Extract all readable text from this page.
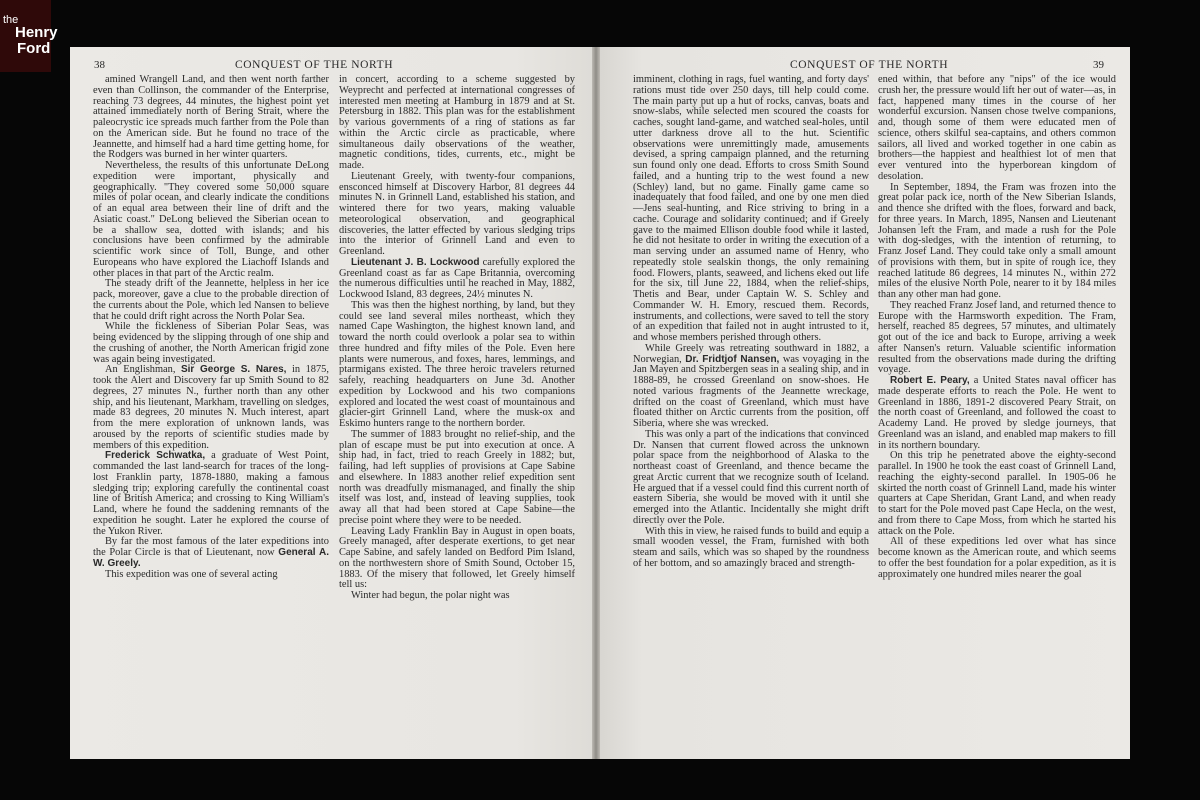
the
Henry
Ford
38	CONQUEST OF THE NORTH

amined Wrangell Land, and then went north farther even than Collinson, the commander of the Enterprise, reaching 73 degrees, 44 minutes, the highest point yet attained immediately north of Bering Strait, where the paleocrystic ice spreads much farther from the Pole than on the American side. But he found no trace of the Jeannette, and himself had a hard time getting home, for the Rodgers was burned in her winter quarters.

Nevertheless, the results of this unfortunate DeLong expedition were important, physically and geographically. "They covered some 50,000 square miles of polar ocean, and clearly indicate the conditions of an equal area between their line of drift and the Asiatic coast." DeLong believed the Siberian ocean to be a shallow sea, dotted with islands; and his conclusions have been confirmed by the admirable scientific work since of Toll, Bunge, and other Europeans who have explored the Liachoff Islands and other places in that part of the Arctic realm.

The steady drift of the Jeannette, helpless in her ice pack, moreover, gave a clue to the probable direction of the currents about the Pole, which led Nansen to believe that he could drift right across the North Polar Sea.

While the fickleness of Siberian Polar Seas, was being evidenced by the slipping through of one ship and the crushing of another, the North American frigid zone was again being investigated.

An Englishman, Sir George S. Nares, in 1875, took the Alert and Discovery far up Smith Sound to 82 degrees, 27 minutes N., further north than any other ship, and his lieutenant, Markham, travelling on sledges, made 83 degrees, 20 minutes N. Much interest, apart from the mere exploration of unknown lands, was aroused by the reports of scientific studies made by members of this expedition.

Frederick Schwatka, a graduate of West Point, commanded the last land-search for traces of the long-lost Franklin party, 1878-1880, making a famous sledging trip; exploring carefully the continental coast line of British America; and crossing to King William's Land, where he found the saddening remnants of the expedition he sought. Later he explored the course of the Yukon River.

By far the most famous of the later expeditions into the Polar Circle is that of Lieutenant, now General A. W. Greely.

This expedition was one of several acting

in concert, according to a scheme suggested by Weyprecht and perfected at international congresses of interested men meeting at Hamburg in 1879 and at St. Petersburg in 1882. This plan was for the establishment by various governments of a ring of stations as far within the Arctic circle as practicable, where simultaneous daily observations of the weather, magnetic conditions, tides, currents, etc., might be made.

Lieutenant Greely, with twenty-four companions, ensconced himself at Discovery Harbor, 81 degrees 44 minutes N. in Grinnell Land, established his station, and wintered there for two years, making valuable meteorological observation, and geographical discoveries, the latter effected by various sledging trips into the interior of Grinnell Land and even to Greenland.

Lieutenant J. B. Lockwood carefully explored the Greenland coast as far as Cape Britannia, overcoming the numerous difficulties until he reached in May, 1882, Lockwood Island, 83 degrees, 24½ minutes N.

This was then the highest northing, by land, but they could see land several miles northeast, which they named Cape Washington, the highest known land, and toward the north could overlook a polar sea to within three hundred and fifty miles of the Pole. Even here plants were numerous, and foxes, hares, lemmings, and ptarmigans existed. The three heroic travelers returned safely, reaching headquarters on June 3d. Another expedition by Lockwood and his two companions explored and located the west coast of mountainous and glacier-girt Grinnell Land, where the musk-ox and Eskimo hunters range to the northern border.

The summer of 1883 brought no relief-ship, and the plan of escape must be put into execution at once. A ship had, in fact, tried to reach Greely in 1882; but, failing, had left supplies of provisions at Cape Sabine and elsewhere. In 1883 another relief expedition sent north was dreadfully mismanaged, and finally the ship itself was lost, and, instead of leaving supplies, took away all that had been stored at Cape Sabine—the precise point where they were to be needed.

Leaving Lady Franklin Bay in August in open boats, Greely managed, after desperate exertions, to get near Cape Sabine, and safely landed on Bedford Pim Island, on the northwestern shore of Smith Sound, October 15, 1883. Of the misery that followed, let Greely himself tell us:

Winter had begun, the polar night was

CONQUEST OF THE NORTH	39

imminent, clothing in rags, fuel wanting, and forty days' rations must tide over 250 days, till help could come. The main party put up a hut of rocks, canvas, boats and snow-slabs, while selected men scoured the coasts for caches, sought land-game, and watched seal-holes, until utter darkness drove all to the hut. Scientific observations were unremittingly made, amusements devised, a spring campaign planned, and the returning sun found only one dead. Efforts to cross Smith Sound failed, and a hunting trip to the west found a new (Schley) land, but no game. Finally game came so inadequately that food failed, and one by one men died—Jens seal-hunting, and Rice striving to bring in a cache. Courage and solidarity continued; and if Greely gave to the maimed Ellison double food while it lasted, he did not hesitate to order in writing the execution of a man serving under an assumed name of Henry, who repeatedly stole sealskin thongs, the only remaining food. Flowers, plants, seaweed, and lichens eked out life for the six, till June 22, 1884, when the relief-ships, Thetis and Bear, under Captain W. S. Schley and Commander W. H. Emory, rescued them. Records, instruments, and collections, were saved to tell the story of an expedition that failed not in aught intrusted to it, and whose members perished through others.

While Greely was retreating southward in 1882, a Norwegian, Dr. Fridtjof Nansen, was voyaging in the Jan Mayen and Spitzbergen seas in a sealing ship, and in 1888-89, he crossed Greenland on snow-shoes. He noted various fragments of the Jeannette wreckage, drifted on the coast of Greenland, which must have floated thither on Arctic currents from the position, off Siberia, where she was wrecked.

This was only a part of the indications that convinced Dr. Nansen that current flowed across the unknown polar space from the neighborhood of Alaska to the northeast coast of Greenland, and thence became the great Arctic current that we recognize south of Iceland. He argued that if a vessel could find this current north of eastern Siberia, she would be moved with it until she emerged into the Atlantic. Incidentally she might drift directly over the Pole.

With this in view, he raised funds to build and equip a small wooden vessel, the Fram, furnished with both steam and sails, which was so shaped by the roundness of her bottom, and so amazingly braced and strength-

ened within, that before any "nips" of the ice would crush her, the pressure would lift her out of water—as, in fact, happened many times in the course of her wonderful excursion. Nansen chose twelve companions, and, though some of them were educated men of science, others skilful sea-captains, and others common sailors, all lived and worked together in one cabin as brothers—the happiest and healthiest lot of men that ever ventured into the hyperborean kingdom of desolation.

In September, 1894, the Fram was frozen into the great polar pack ice, north of the New Siberian Islands, and thence she drifted with the floes, forward and back, for three years. In March, 1895, Nansen and Lieutenant Johansen left the Fram, and made a rush for the Pole with dog-sledges, with the intention of returning, to Franz Josef Land. They could take only a small amount of provisions with them, but in spite of rough ice, they reached latitude 86 degrees, 14 minutes N., within 272 miles of the elusive North Pole, nearer to it by 184 miles than any other man had gone.

They reached Franz Josef land, and returned thence to Europe with the Harmsworth expedition. The Fram, herself, reached 85 degrees, 57 minutes, and ultimately got out of the ice and back to Europe, arriving a week after Nansen's return. Valuable scientific information resulted from the observations made during the drifting voyage.

Robert E. Peary, a United States naval officer has made desperate efforts to reach the Pole. He went to Greenland in 1886, 1891-2 discovered Peary Strait, on the north coast of Greenland, and followed the coast to Academy Land. He proved by sledge journeys, that Greenland was an island, and enabled map makers to fill in its northern boundary.

On this trip he penetrated above the eighty-second parallel. In 1900 he took the east coast of Grinnell Land, reaching the eighty-second parallel. In 1905-06 he skirted the north coast of Grinnell Land, made his winter quarters at Cape Sheridan, Grant Land, and when ready to start for the Pole moved past Cape Hecla, on the west, and from there to Cape Moss, from which he started his attack on the Pole.

All of these expeditions led over what has since become known as the American route, and which seems to offer the best foundation for a polar expedition, as it is approximately one hundred miles nearer the goal
